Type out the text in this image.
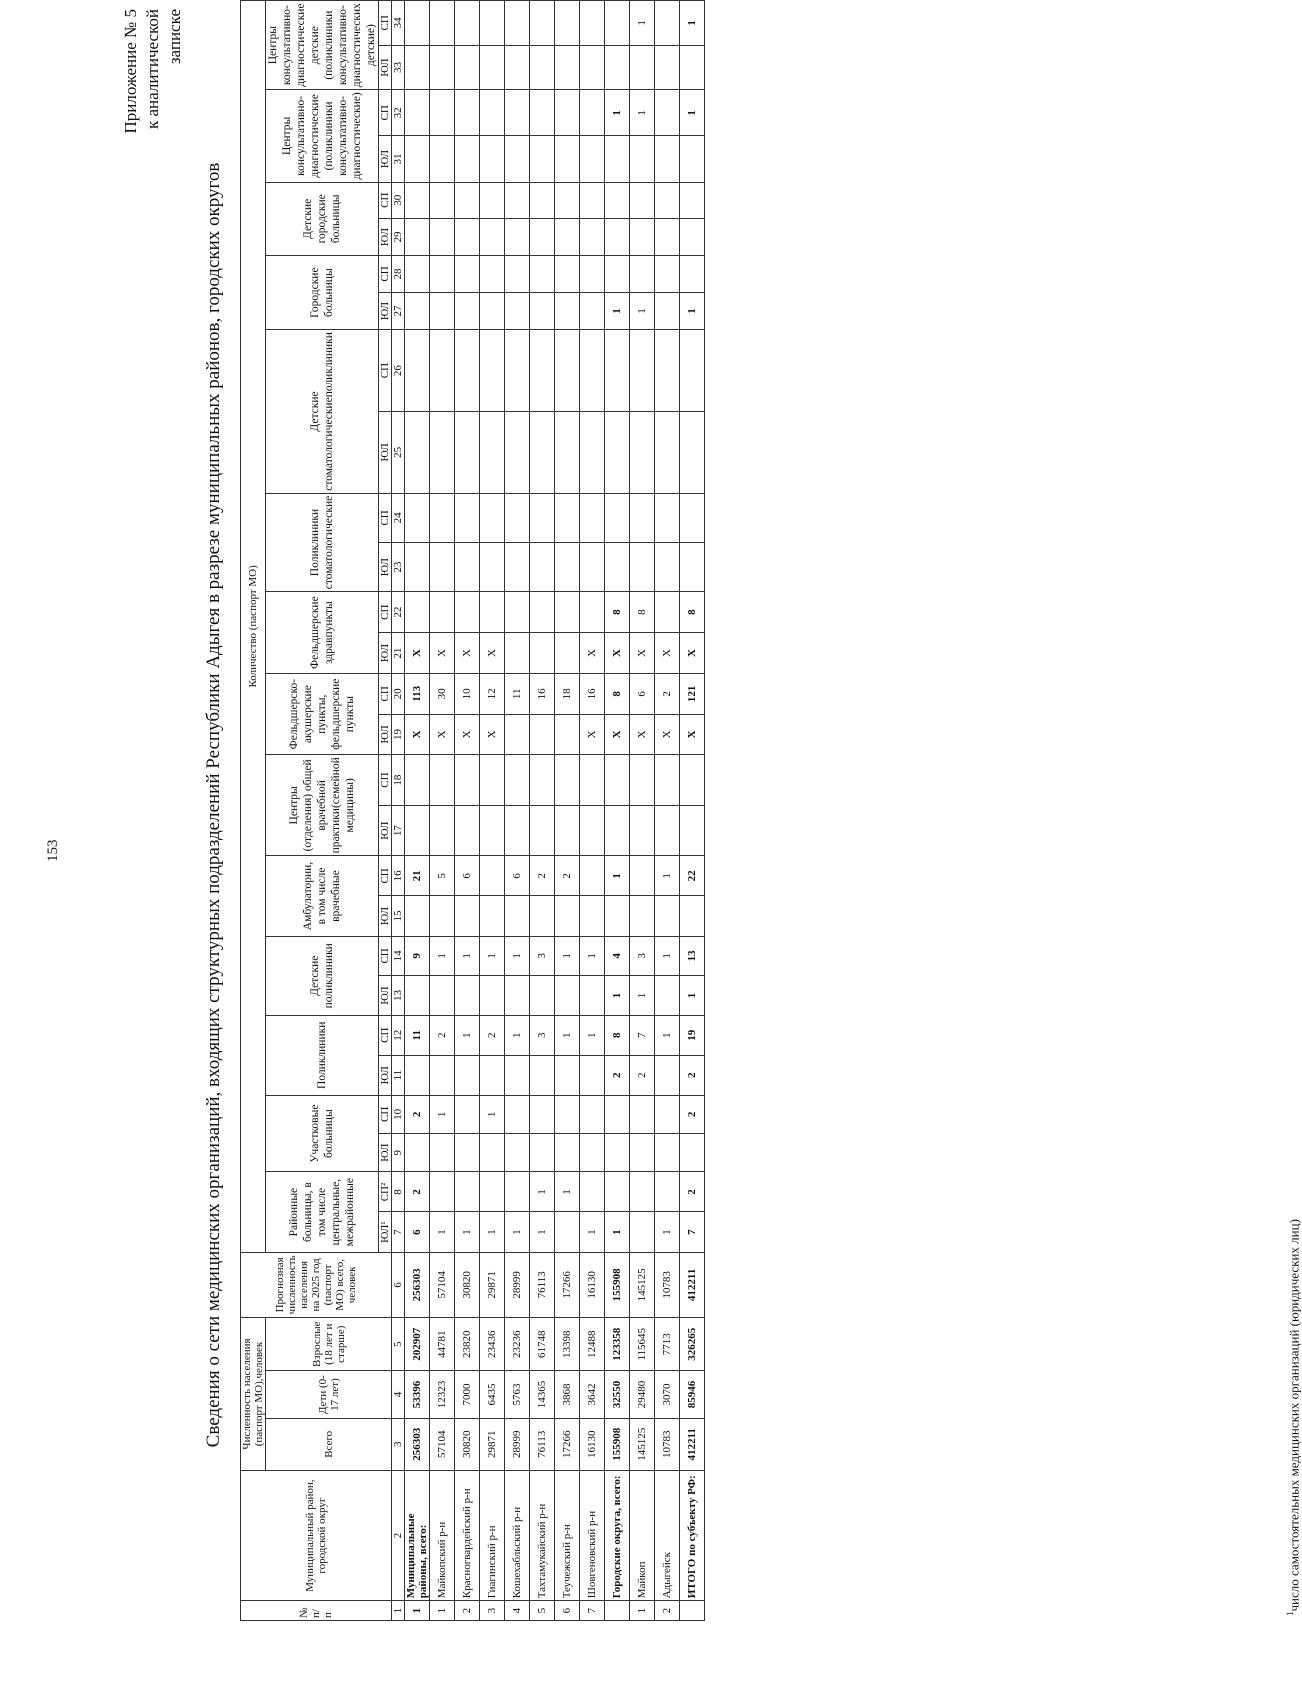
153
Приложение № 5 к аналитической записке
Сведения о сети медицинских организаций, входящих структурных подразделений Республики Адыгея в разрезе муниципальных районов, городских округов
№ п/ п	Муниципальный район, городской округ	Численность населения (паспорт МО),человек			Прогнозная численность населения на 2025 год (паспорт МО) всего, человек	Количество (паспорт МО)																											
		Всего	Дети (0-17 лет)	Взрослые (18 лет и старше)		Районные больницы, в том числе центральные, межрайонные		Участковые больницы		Поликлиники		Детские поликлиники		Амбулатории, в том числе врачебные		Центры (отделения) общей врачебной практики(семейной медицины)		Фельдшерско-акушерские пункты, фельдшерские пункты		Фельдшерские здравпункты		Поликлиники стоматологические		Детские стоматологическиеполиклиники		Городские больницы		Детские городские больницы		Центры консультативно-диагностические (поликлиники консультативно-диагностические)		Центры консультативно-диагностические детские (поликлиники консультативно-диагностических детские)	
						ЮЛ¹	СП²	ЮЛ	СП	ЮЛ	СП	ЮЛ	СП	ЮЛ	СП	ЮЛ	СП	ЮЛ	СП	ЮЛ	СП	ЮЛ	СП	ЮЛ	СП	ЮЛ	СП	ЮЛ	СП	ЮЛ	СП	ЮЛ	СП
1	2	3	4	5	6	7	8	9	10	11	12	13	14	15	16	17	18	19	20	21	22	23	24	25	26	27	28	29	30	31	32	33	34
1	Муниципальные районы, всего:	256303	53396	202907	256303	6	2		2		11		9		21			X	113	X													
1	Майкопский р-н	57104	12323	44781	57104	1			1		2		1		5			X	30	X													
2	Красногвардейский р-н	30820	7000	23820	30820	1					1		1		6			X	10	X													
3	Гиагинский р-н	29871	6435	23436	29871	1			1		2		1					X	12	X													
4	Кошехабльский р-н	28999	5763	23236	28999	1					1		1		6				11														
5	Тахтамукайский р-н	76113	14365	61748	76113	1	1				3		3		2				16														
6	Теучежский р-н	17266	3868	13398	17266		1				1		1		2				18														
7	Шовгеновский р-н	16130	3642	12488	16130	1					1		1					X	16	X													
	Городские округа, всего:	155908	32550	123358	155908	1				2	8	1	4		1			X	8	X	8					1					1		
1	Майкоп	145125	29480	115645	145125					2	7	1	3					X	6	X	8					1					1		1
2	Адыгейск	10783	3070	7713	10783	1					1		1		1			X	2	X													
	ИТОГО по субъекту РФ:	412211	85946	326265	412211	7	2		2	2	19	1	13		22			X	121	X	8					1					1		1
$^1$число самостоятельных медицинских организаций (юридических лиц)
